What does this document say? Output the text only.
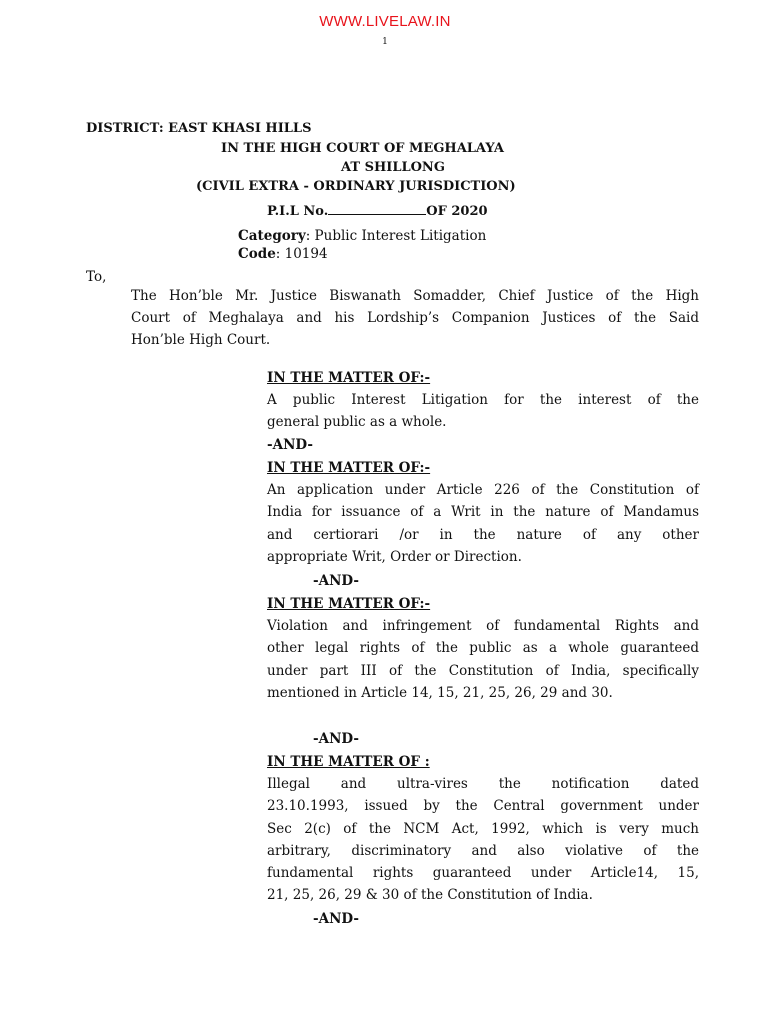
WWW.LIVELAW.IN
1
DISTRICT: EAST KHASI HILLS
IN THE HIGH COURT OF MEGHALAYA
AT SHILLONG
(CIVIL EXTRA - ORDINARY JURISDICTION)
P.I.L No.	OF 2020
Category: Public Interest Litigation
Code: 10194
To,
The Hon’ble Mr. Justice Biswanath Somadder, Chief Justice of the High
Court of Meghalaya and his Lordship’s Companion Justices of the Said
Hon’ble High Court.
IN THE MATTER OF:-
A public Interest Litigation for the interest of the
general public as a whole.
-AND-
IN THE MATTER OF:-
An application under Article 226 of the Constitution of
India for issuance of a Writ in the nature of Mandamus
and certiorari /or in the nature of any other
appropriate Writ, Order or Direction.
-AND-
IN THE MATTER OF:-
Violation and infringement of fundamental Rights and
other legal rights of the public as a whole guaranteed
under part III of the Constitution of India, specifically
mentioned in Article 14, 15, 21, 25, 26, 29 and 30.
-AND-
IN THE MATTER OF :
Illegal and ultra-vires the notification dated
23.10.1993, issued by the Central government under
Sec 2(c) of the NCM Act, 1992, which is very much
arbitrary, discriminatory and also violative of the
fundamental rights guaranteed under Article14, 15,
21, 25, 26, 29 & 30 of the Constitution of India.
-AND-
